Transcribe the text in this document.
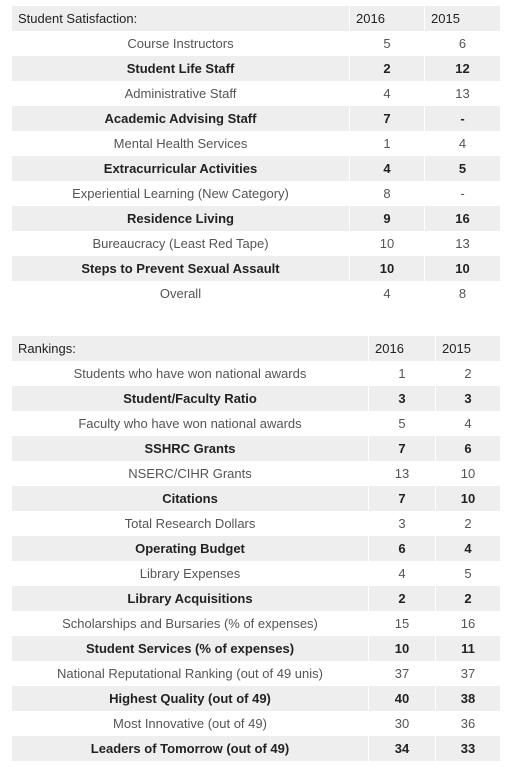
Student Satisfaction:	2016	2015
Course Instructors	5	6
Student Life Staff	2	12
Administrative Staff	4	13
Academic Advising Staff	7	-
Mental Health Services	1	4
Extracurricular Activities	4	5
Experiential Learning (New Category)	8	-
Residence Living	9	16
Bureaucracy (Least Red Tape)	10	13
Steps to Prevent Sexual Assault	10	10
Overall	4	8
Rankings:	2016	2015
Students who have won national awards	1	2
Student/Faculty Ratio	3	3
Faculty who have won national awards	5	4
SSHRC Grants	7	6
NSERC/CIHR Grants	13	10
Citations	7	10
Total Research Dollars	3	2
Operating Budget	6	4
Library Expenses	4	5
Library Acquisitions	2	2
Scholarships and Bursaries (% of expenses)	15	16
Student Services (% of expenses)	10	11
National Reputational Ranking (out of 49 unis)	37	37
Highest Quality (out of 49)	40	38
Most Innovative (out of 49)	30	36
Leaders of Tomorrow (out of 49)	34	33
